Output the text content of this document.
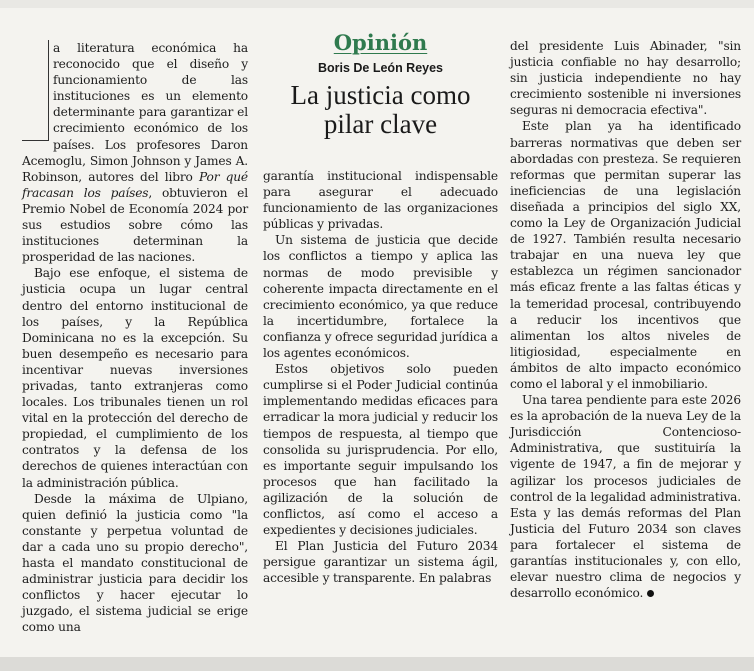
Opinión
Boris De León Reyes
La justicia como pilar clave

a literatura económica ha reconocido que el diseño y funcionamiento de las instituciones es un elemento determinante para garantizar el crecimiento económico de los países. Los profesores Daron Acemoglu, Simon Johnson y James A. Robinson, autores del libro Por qué fracasan los países, obtuvieron el Premio Nobel de Economía 2024 por sus estudios sobre cómo las instituciones determinan la prosperidad de las naciones.

Bajo ese enfoque, el sistema de justicia ocupa un lugar central dentro del entorno institucional de los países, y la República Dominicana no es la excepción. Su buen desempeño es necesario para incentivar nuevas inversiones privadas, tanto extranjeras como locales. Los tribunales tienen un rol vital en la protección del derecho de propiedad, el cumplimiento de los contratos y la defensa de los derechos de quienes interactúan con la administración pública.

Desde la máxima de Ulpiano, quien definió la justicia como "la constante y perpetua voluntad de dar a cada uno su propio derecho", hasta el mandato constitucional de administrar justicia para decidir los conflictos y hacer ejecutar lo juzgado, el sistema judicial se erige como una

garantía institucional indispensable para asegurar el adecuado funcionamiento de las organizaciones públicas y privadas.

Un sistema de justicia que decide los conflictos a tiempo y aplica las normas de modo previsible y coherente impacta directamente en el crecimiento económico, ya que reduce la incertidumbre, fortalece la confianza y ofrece seguridad jurídica a los agentes económicos.

Estos objetivos solo pueden cumplirse si el Poder Judicial continúa implementando medidas eficaces para erradicar la mora judicial y reducir los tiempos de respuesta, al tiempo que consolida su jurisprudencia. Por ello, es importante seguir impulsando los procesos que han facilitado la agilización de la solución de conflictos, así como el acceso a expedientes y decisiones judiciales.

El Plan Justicia del Futuro 2034 persigue garantizar un sistema ágil, accesible y transparente. En palabras

del presidente Luis Abinader, "sin justicia confiable no hay desarrollo; sin justicia independiente no hay crecimiento sostenible ni inversiones seguras ni democracia efectiva".

Este plan ya ha identificado barreras normativas que deben ser abordadas con presteza. Se requieren reformas que permitan superar las ineficiencias de una legislación diseñada a principios del siglo XX, como la Ley de Organización Judicial de 1927. También resulta necesario trabajar en una nueva ley que establezca un régimen sancionador más eficaz frente a las faltas éticas y la temeridad procesal, contribuyendo a reducir los incentivos que alimentan los altos niveles de litigiosidad, especialmente en ámbitos de alto impacto económico como el laboral y el inmobiliario.

Una tarea pendiente para este 2026 es la aprobación de la nueva Ley de la Jurisdicción Contencioso-Administrativa, que sustituiría la vigente de 1947, a fin de mejorar y agilizar los procesos judiciales de control de la legalidad administrativa. Esta y las demás reformas del Plan Justicia del Futuro 2034 son claves para fortalecer el sistema de garantías institucionales y, con ello, elevar nuestro clima de negocios y desarrollo económico.
